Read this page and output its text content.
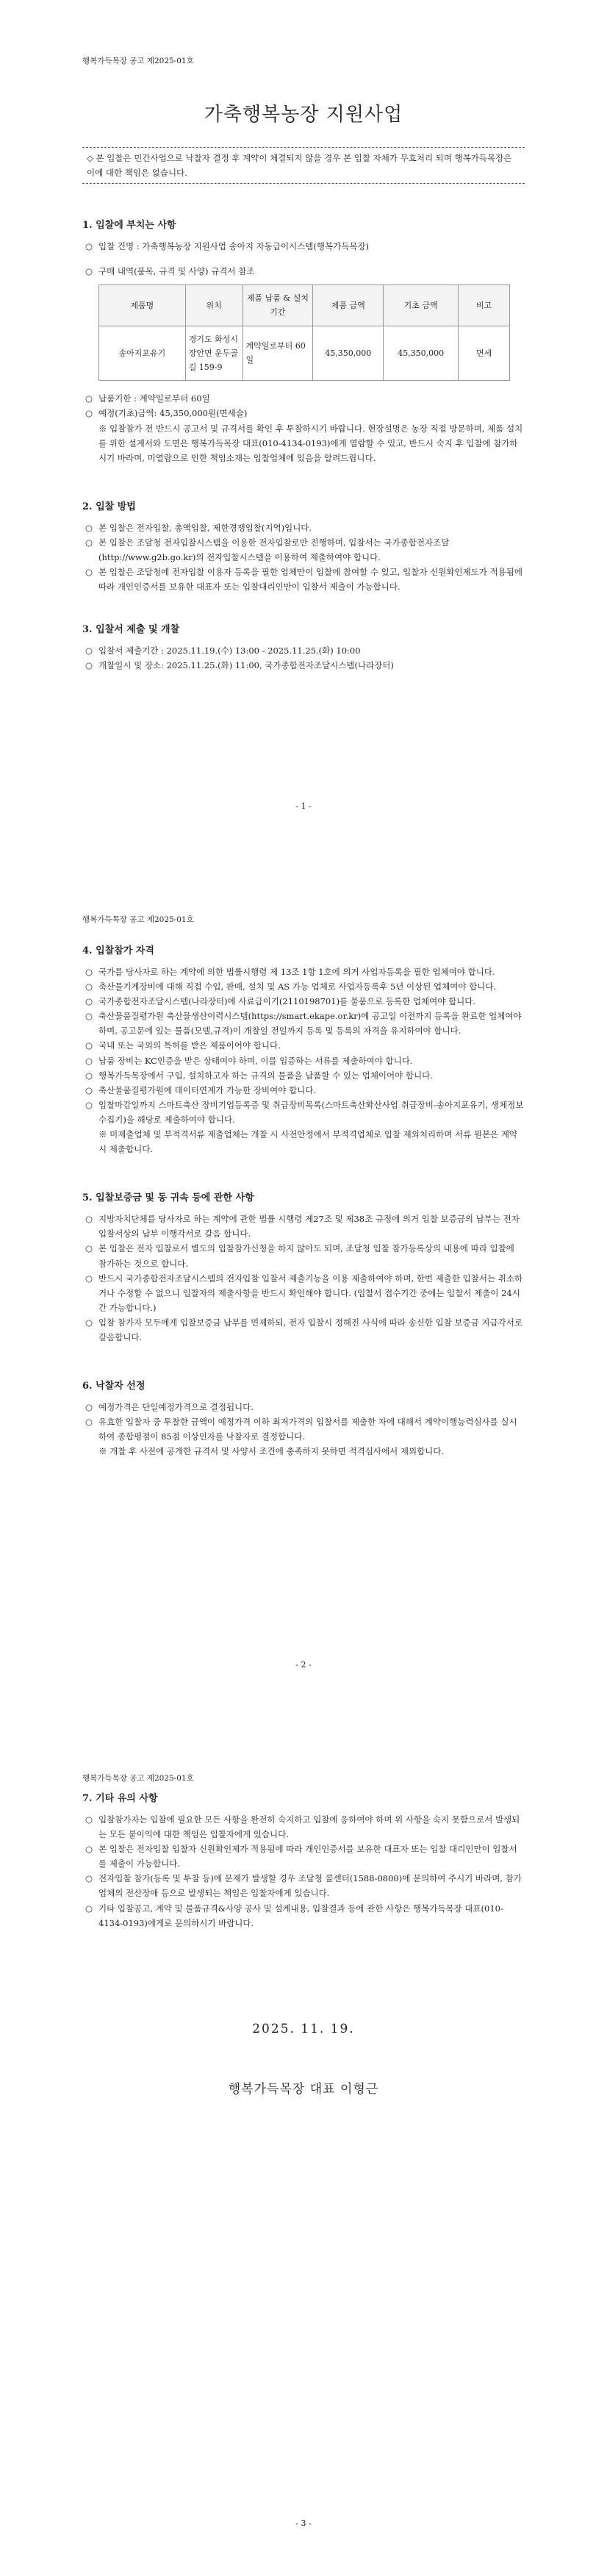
행복가득목장 공고 제2025-01호
가축행복농장 지원사업
◇ 본 입찰은 민간사업으로 낙찰자 결정 후 계약이 체결되지 않을 경우 본 입찰 자체가 무효처리 되며 행복가득목장은 이에 대한 책임은 없습니다.
1. 입찰에 부치는 사항
○ 입찰 건명 : 가축행복농장 지원사업 송아지 자동급이시스템(행복가득목장)
○ 구매 내역(품목, 규격 및 사양) 규격서 참조
제품명	위치	제품 납품 & 설치 기간	제품 금액	기초 금액	비고
송아지포유기	경기도 화성시 장안면 운두골길 159-9	계약일로부터 60일	45,350,000	45,350,000	면세
○ 납품기한 : 계약일로부터 60일
○ 예정(기초)금액: 45,350,000원(면세술)
※ 입찰참가 전 반드시 공고서 및 규격서를 확인 후 투찰하시기 바랍니다. 현장설명은 농장 직접 방문하며, 제품 설치를 위한 설계서와 도면은 행복가득목장 대표(010-4134-0193)에게 열람할 수 있고, 반드시 숙지 후 입찰에 참가하시기 바라며, 미열람으로 인한 책임소재는 입찰업체에 있음을 알려드립니다.
2. 입찰 방법
○ 본 입찰은 전자입찰, 총액입찰, 제한경쟁입찰(지역)입니다.
○ 본 입찰은 조달청 전자입찰시스템을 이용한 전자입찰로만 진행하며, 입찰서는 국가종합전자조달(http://www.g2b.go.kr)의 전자입찰시스템을 이용하여 제출하여야 합니다.
○ 본 입찰은 조달청에 전자입찰 이용자 등록을 필한 업체만이 입찰에 참여할 수 있고, 입찰자 신원확인제도가 적용됨에 따라 개인인증서를 보유한 대표자 또는 입찰대리인만이 입찰서 제출이 가능합니다.
3. 입찰서 제출 및 개찰
○ 입찰서 제출기간 : 2025.11.19.(수) 13:00 - 2025.11.25.(화) 10:00
○ 개찰일시 및 장소: 2025.11.25.(화) 11:00, 국가종합전자조달시스템(나라장터)
- 1 -
행복가득목장 공고 제2025-01호
4. 입찰참가 자격
○ 국가를 당사자로 하는 계약에 의한 법률시행령 제 13조 1항 1호에 의거 사업자등록을 필한 업체여야 합니다.
○ 축산물기계장비에 대해 직접 수입, 판매, 설치 및 AS 가능 업체로 사업자등록후 5년 이상된 업체여야 합니다.
○ 국가종합전자조달시스템(나라장터)에 사료급이기(2110198701)를 물품으로 등록한 업체여야 합니다.
○ 축산물품질평가원 축산물생산이력시스템(https://smart.ekape.or.kr)에 공고일 이전까지 등록을 완료한 업체여야 하며, 공고문에 있는 물품(모델,규격)이 개찰일 전일까지 등록 및 등록의 자격을 유지하여야 합니다.
○ 국내 또는 국외의 특허를 받은 제품이어야 합니다.
○ 납품 장비는 KC인증을 받은 상태여야 하며, 이를 입증하는 서류를 제출하여야 합니다.
○ 행복가득목장에서 구입, 설치하고자 하는 규격의 물품을 납품할 수 있는 업체이어야 합니다.
○ 축산물품질평가원에 데이터연계가 가능한 장비여야 합니다.
○ 입찰마감일까지 스마트축산 장비기업등록증 및 취급장비목록(스마트축산확산사업 취급장비-송아지포유기, 생체정보수집기)을 해당로 제출하여야 합니다.
※ 미제출업체 및 부적격서류 제출업체는 개찰 시 사전안정에서 부적격업체로 입찰 제외처리하며 서류 원본은 계약 시 제출합니다.
5. 입찰보증금 및 동 귀속 등에 관한 사항
○ 지방자치단체를 당사자로 하는 계약에 관한 법률 시행령 제27조 및 제38조 규정에 의거 입찰 보증금의 납부는 전자입찰서상의 납부 이행각서로 갈음 합니다.
○ 본 입찰은 전자 입찰로서 별도의 입찰참가신청을 하지 않아도 되며, 조달청 입찰 참가등록상의 내용에 따라 입찰에 참가하는 것으로 합니다.
○ 반드시 국가종합전자조달시스템의 전자입찰 입찰서 제출기능을 이용 제출하여야 하며, 한번 제출한 입찰서는 취소하거나 수정할 수 없으니 입찰자의 제출사항을 반드시 확인해야 합니다. (입찰서 접수기간 중에는 입찰서 제출이 24시간 가능합니다.)
○ 입찰 참가자 모두에게 입찰보증금 납부를 면제하되, 전자 입찰시 정해진 사식에 따라 송신한 입찰 보증금 지급각서로 갈음합니다.
6. 낙찰자 선정
○ 예정가격은 단일예정가격으로 결정됩니다.
○ 유효한 입찰자 중 투찰한 금액이 예정가격 이하 최저가격의 입찰서를 제출한 자에 대해서 계약이행능력심사를 실시하여 종합평점이 85점 이상인자를 낙찰자로 결정합니다.
※ 개찰 후 사전에 공개한 규격서 및 사양서 조건에 충족하지 못하면 적격심사에서 제외합니다.
- 2 -
행복가득목장 공고 제2025-01호
7. 기타 유의 사항
○ 입찰참가자는 입찰에 필요한 모든 사항을 완전히 숙지하고 입찰에 응하여야 하며 위 사항을 숙지 못함으로서 발생되는 모든 불이익에 대한 책임은 입찰자에게 있습니다.
○ 본 입찰은 전자입찰 입찰자 신원확인제가 적용됨에 따라 개인인증서를 보유한 대표자 또는 입찰 대리인만이 입찰서를 제출이 가능합니다.
○ 전자입찰 참가(등록 및 투찰 등)에 문제가 발생할 경우 조달청 콜센터(1588-0800)에 문의하여 주시기 바라며, 참가 업체의 전산장애 등으로 발생되는 책임은 입찰자에게 있습니다.
○ 기타 입찰공고, 계약 및 물품규격&사양 공사 및 설계내용, 입찰결과 등에 관한 사항은 행복가득목장 대표(010-4134-0193)에게로 문의하시기 바랍니다.
2025. 11. 19.
행복가득목장 대표 이형근
- 3 -
